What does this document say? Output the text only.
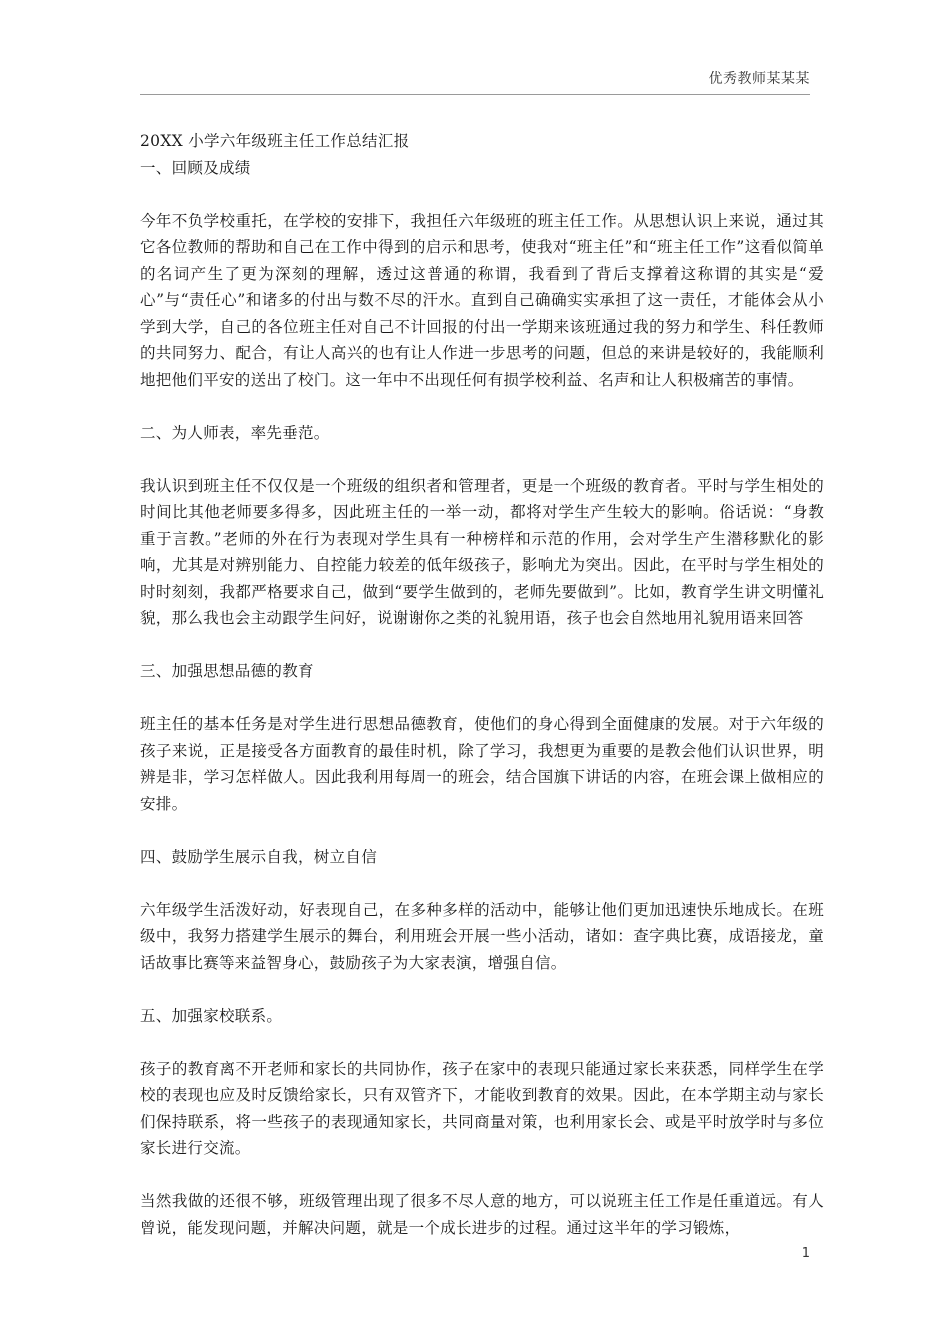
优秀教师某某某

20XX 小学六年级班主任工作总结汇报

一、回顾及成绩

今年不负学校重托，在学校的安排下，我担任六年级班的班主任工作。从思想认识上来说，通过其它各位教师的帮助和自己在工作中得到的启示和思考，使我对“班主任”和“班主任工作”这看似简单的名词产生了更为深刻的理解，透过这普通的称谓，我看到了背后支撑着这称谓的其实是“爱心”与“责任心”和诸多的付出与数不尽的汗水。直到自己确确实实承担了这一责任，才能体会从小学到大学，自己的各位班主任对自己不计回报的付出一学期来该班通过我的努力和学生、科任教师的共同努力、配合，有让人高兴的也有让人作进一步思考的问题，但总的来讲是较好的，我能顺利地把他们平安的送出了校门。这一年中不出现任何有损学校利益、名声和让人积极痛苦的事情。

二、为人师表，率先垂范。

我认识到班主任不仅仅是一个班级的组织者和管理者，更是一个班级的教育者。平时与学生相处的时间比其他老师要多得多，因此班主任的一举一动，都将对学生产生较大的影响。俗话说：“身教重于言教。”老师的外在行为表现对学生具有一种榜样和示范的作用，会对学生产生潜移默化的影响，尤其是对辨别能力、自控能力较差的低年级孩子，影响尤为突出。因此，在平时与学生相处的时时刻刻，我都严格要求自己，做到“要学生做到的，老师先要做到”。比如，教育学生讲文明懂礼貌，那么我也会主动跟学生问好，说谢谢你之类的礼貌用语，孩子也会自然地用礼貌用语来回答

三、加强思想品德的教育

班主任的基本任务是对学生进行思想品德教育，使他们的身心得到全面健康的发展。对于六年级的孩子来说，正是接受各方面教育的最佳时机，除了学习，我想更为重要的是教会他们认识世界，明辨是非，学习怎样做人。因此我利用每周一的班会，结合国旗下讲话的内容，在班会课上做相应的安排。

四、鼓励学生展示自我，树立自信

六年级学生活泼好动，好表现自己，在多种多样的活动中，能够让他们更加迅速快乐地成长。在班级中，我努力搭建学生展示的舞台，利用班会开展一些小活动，诸如：查字典比赛，成语接龙，童话故事比赛等来益智身心，鼓励孩子为大家表演，增强自信。

五、加强家校联系。

孩子的教育离不开老师和家长的共同协作，孩子在家中的表现只能通过家长来获悉，同样学生在学校的表现也应及时反馈给家长，只有双管齐下，才能收到教育的效果。因此，在本学期主动与家长们保持联系，将一些孩子的表现通知家长，共同商量对策，也利用家长会、或是平时放学时与多位家长进行交流。

当然我做的还很不够，班级管理出现了很多不尽人意的地方，可以说班主任工作是任重道远。有人曾说，能发现问题，并解决问题，就是一个成长进步的过程。通过这半年的学习锻炼，

1
